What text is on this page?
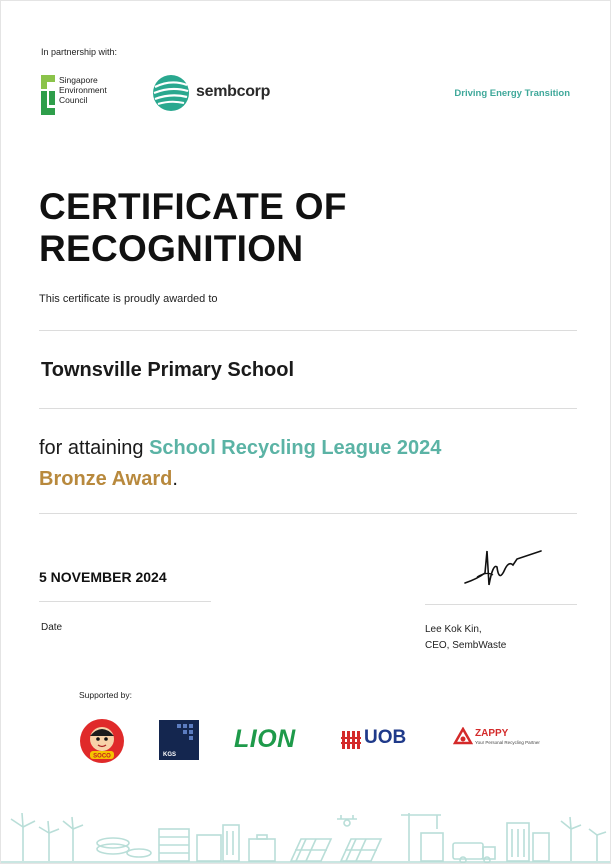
In partnership with:
Singapore
Environment
Council	sembcorp	Driving Energy Transition
CERTIFICATE OF
RECOGNITION
This certificate is proudly awarded to
Townsville Primary School
for attaining School Recycling League 2024
Bronze Award.
5 NOVEMBER 2024
Date	Lee Kok Kin,
CEO, SembWaste
Supported by:
SOCO	KGS
LION	UOB	ZAPPY
Your Personal Recycling Partner
